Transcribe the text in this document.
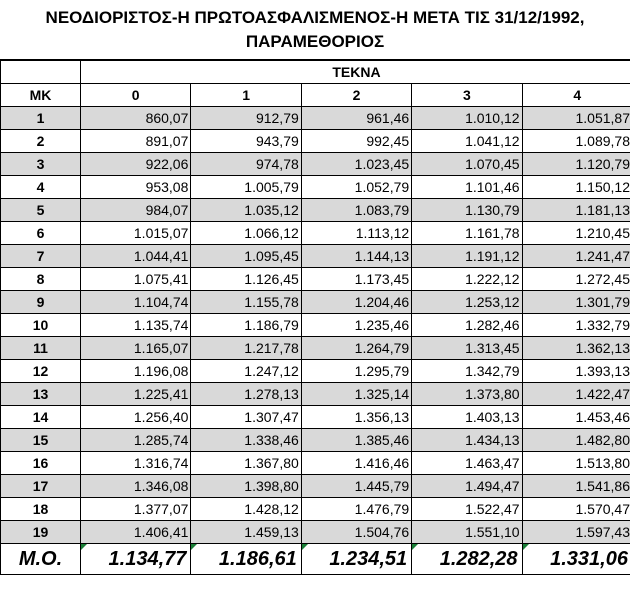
ΝΕΟΔΙΟΡΙΣΤΟΣ-Η ΠΡΩΤΟΑΣΦΑΛΙΣΜΕΝΟΣ-Η ΜΕΤΑ ΤΙΣ 31/12/1992,
ΠΑΡΑΜΕΘΟΡΙΟΣ
	ΤΕΚΝΑ				
ΜΚ	0	1	2	3	4
1	860,07	912,79	961,46	1.010,12	1.051,87
2	891,07	943,79	992,45	1.041,12	1.089,78
3	922,06	974,78	1.023,45	1.070,45	1.120,79
4	953,08	1.005,79	1.052,79	1.101,46	1.150,12
5	984,07	1.035,12	1.083,79	1.130,79	1.181,13
6	1.015,07	1.066,12	1.113,12	1.161,78	1.210,45
7	1.044,41	1.095,45	1.144,13	1.191,12	1.241,47
8	1.075,41	1.126,45	1.173,45	1.222,12	1.272,45
9	1.104,74	1.155,78	1.204,46	1.253,12	1.301,79
10	1.135,74	1.186,79	1.235,46	1.282,46	1.332,79
11	1.165,07	1.217,78	1.264,79	1.313,45	1.362,13
12	1.196,08	1.247,12	1.295,79	1.342,79	1.393,13
13	1.225,41	1.278,13	1.325,14	1.373,80	1.422,47
14	1.256,40	1.307,47	1.356,13	1.403,13	1.453,46
15	1.285,74	1.338,46	1.385,46	1.434,13	1.482,80
16	1.316,74	1.367,80	1.416,46	1.463,47	1.513,80
17	1.346,08	1.398,80	1.445,79	1.494,47	1.541,86
18	1.377,07	1.428,12	1.476,79	1.522,47	1.570,47
19	1.406,41	1.459,13	1.504,76	1.551,10	1.597,43
Μ.Ο.	1.134,77	1.186,61	1.234,51	1.282,28	1.331,06
